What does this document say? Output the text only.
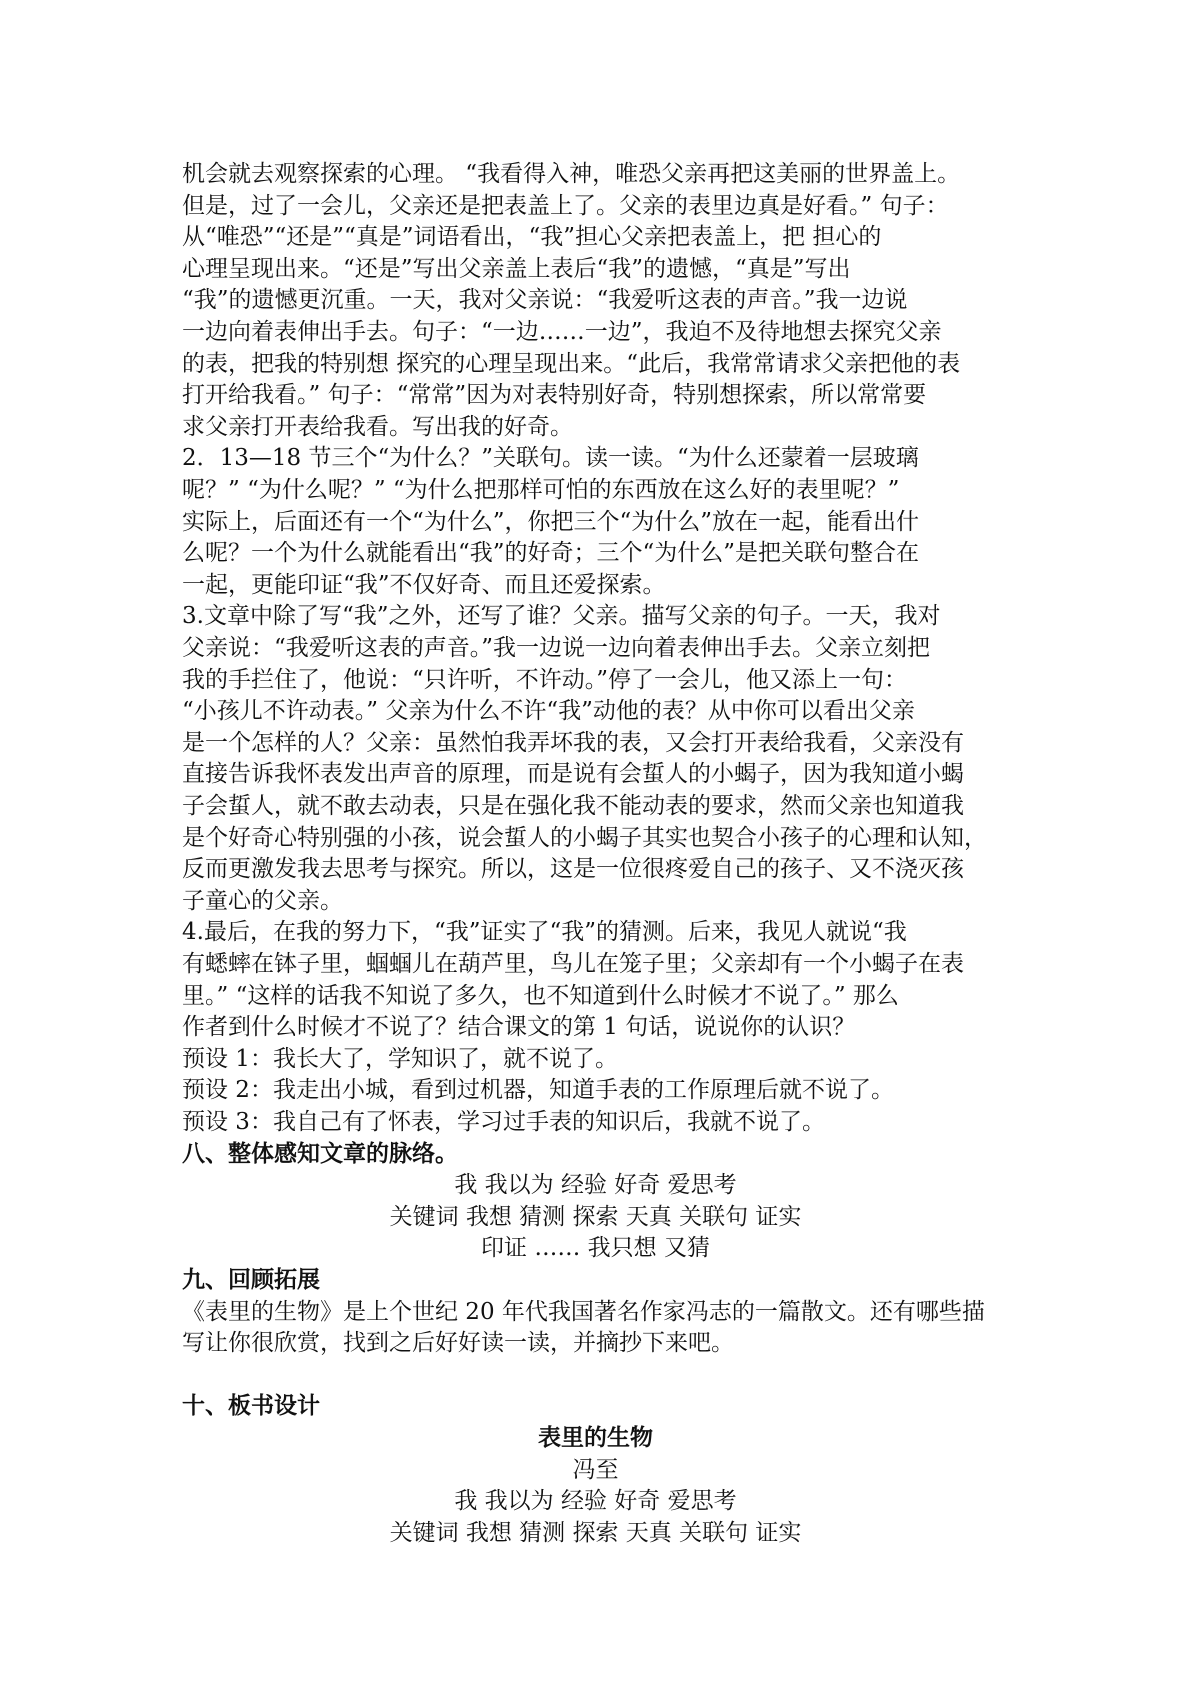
机会就去观察探索的心理。 “我看得入神，唯恐父亲再把这美丽的世界盖上。

但是，过了一会儿，父亲还是把表盖上了。父亲的表里边真是好看。” 句子：

从“唯恐”“还是”“真是”词语看出，“我”担心父亲把表盖上，把 担心的

心理呈现出来。“还是”写出父亲盖上表后“我”的遗憾，“真是”写出

“我”的遗憾更沉重。一天，我对父亲说：“我爱听这表的声音。”我一边说

一边向着表伸出手去。句子：“一边……一边”，我迫不及待地想去探究父亲

的表，把我的特别想 探究的心理呈现出来。“此后，我常常请求父亲把他的表

打开给我看。” 句子：“常常”因为对表特别好奇，特别想探索，所以常常要

求父亲打开表给我看。写出我的好奇。

2．13—18 节三个“为什么？”关联句。读一读。“为什么还蒙着一层玻璃

呢？” “为什么呢？” “为什么把那样可怕的东西放在这么好的表里呢？”

实际上，后面还有一个“为什么”，你把三个“为什么”放在一起，能看出什

么呢？一个为什么就能看出“我”的好奇；三个“为什么”是把关联句整合在

一起，更能印证“我”不仅好奇、而且还爱探索。

3.文章中除了写“我”之外，还写了谁？父亲。描写父亲的句子。一天，我对

父亲说：“我爱听这表的声音。”我一边说一边向着表伸出手去。父亲立刻把

我的手拦住了，他说：“只许听，不许动。”停了一会儿，他又添上一句：

“小孩儿不许动表。” 父亲为什么不许“我”动他的表？从中你可以看出父亲

是一个怎样的人？父亲：虽然怕我弄坏我的表，又会打开表给我看，父亲没有

直接告诉我怀表发出声音的原理，而是说有会蜇人的小蝎子，因为我知道小蝎

子会蜇人，就不敢去动表，只是在强化我不能动表的要求，然而父亲也知道我

是个好奇心特别强的小孩，说会蜇人的小蝎子其实也契合小孩子的心理和认知，

反而更激发我去思考与探究。所以，这是一位很疼爱自己的孩子、又不浇灭孩

子童心的父亲。

4.最后，在我的努力下，“我”证实了“我”的猜测。后来，我见人就说“我

有蟋蟀在钵子里，蝈蝈儿在葫芦里，鸟儿在笼子里；父亲却有一个小蝎子在表

里。” “这样的话我不知说了多久，也不知道到什么时候才不说了。” 那么

作者到什么时候才不说了？结合课文的第 1 句话，说说你的认识？

预设 1：我长大了，学知识了，就不说了。

预设 2：我走出小城，看到过机器，知道手表的工作原理后就不说了。

预设 3：我自己有了怀表，学习过手表的知识后，我就不说了。

八、整体感知文章的脉络。

我 我以为 经验 好奇 爱思考

关键词 我想 猜测 探索 天真 关联句 证实

印证 …… 我只想 又猜

九、回顾拓展

《表里的生物》是上个世纪 20 年代我国著名作家冯志的一篇散文。还有哪些描

写让你很欣赏，找到之后好好读一读，并摘抄下来吧。

十、板书设计

表里的生物

冯至

我 我以为 经验 好奇 爱思考

关键词 我想 猜测 探索 天真 关联句 证实
